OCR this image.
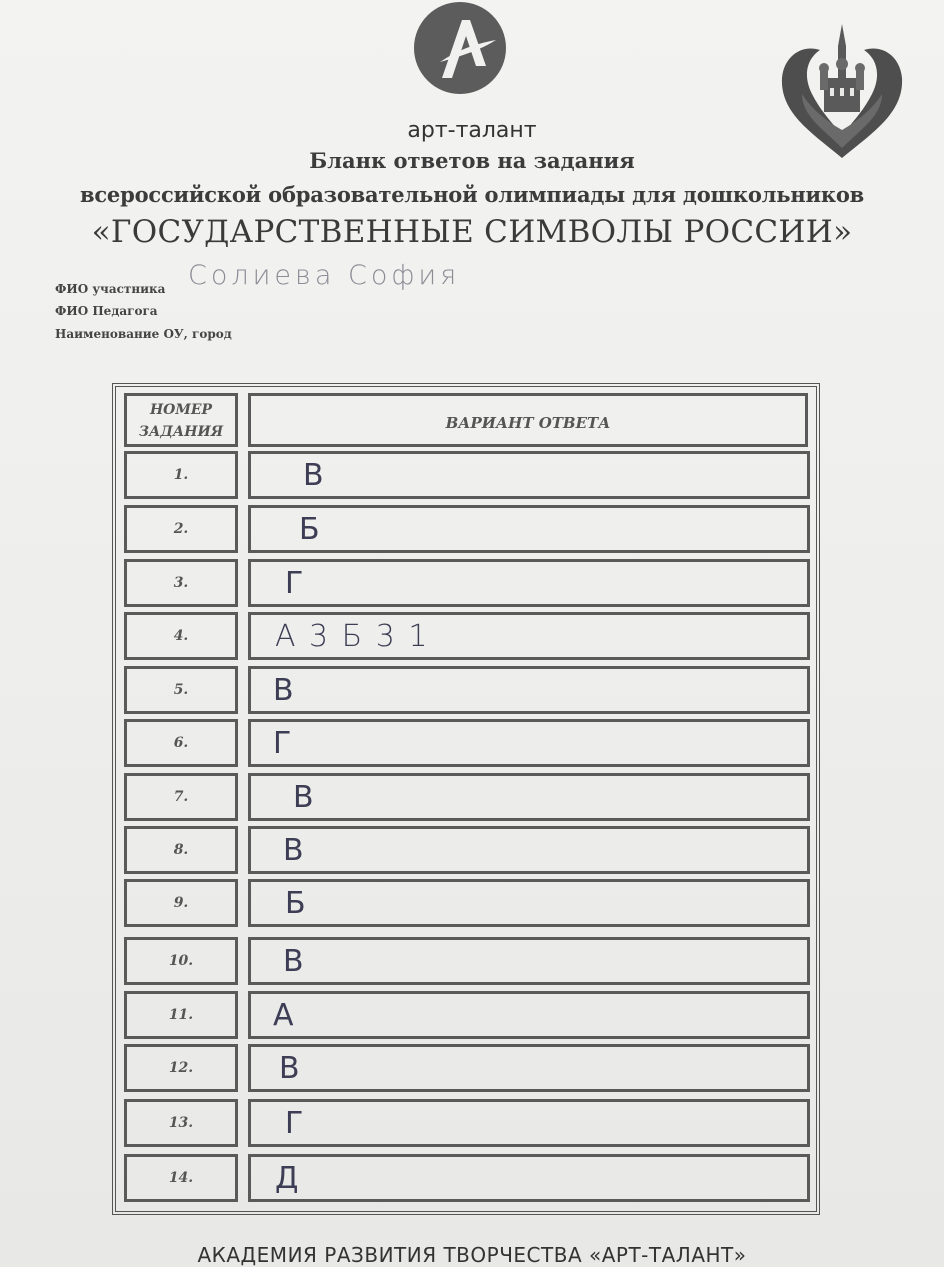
арт-талант
Бланк ответов на задания
всероссийской образовательной олимпиады для дошкольников
«ГОСУДАРСТВЕННЫЕ СИМВОЛЫ РОССИИ»
ФИО участника Солиева София
ФИО Педагога
Наименование ОУ, город
НОМЕР
ЗАДАНИЯ	ВАРИАНТ ОТВЕТА
1.	В
2.	Б
3.	Г
4.	А 3 Б 3 1
5.	В
6.	Г
7.	В
8.	В
9.	Б
10.	В
11.	А
12.	В
13.	Г
14.	Д
АКАДЕМИЯ РАЗВИТИЯ ТВОРЧЕСТВА «АРТ-ТАЛАНТ»
